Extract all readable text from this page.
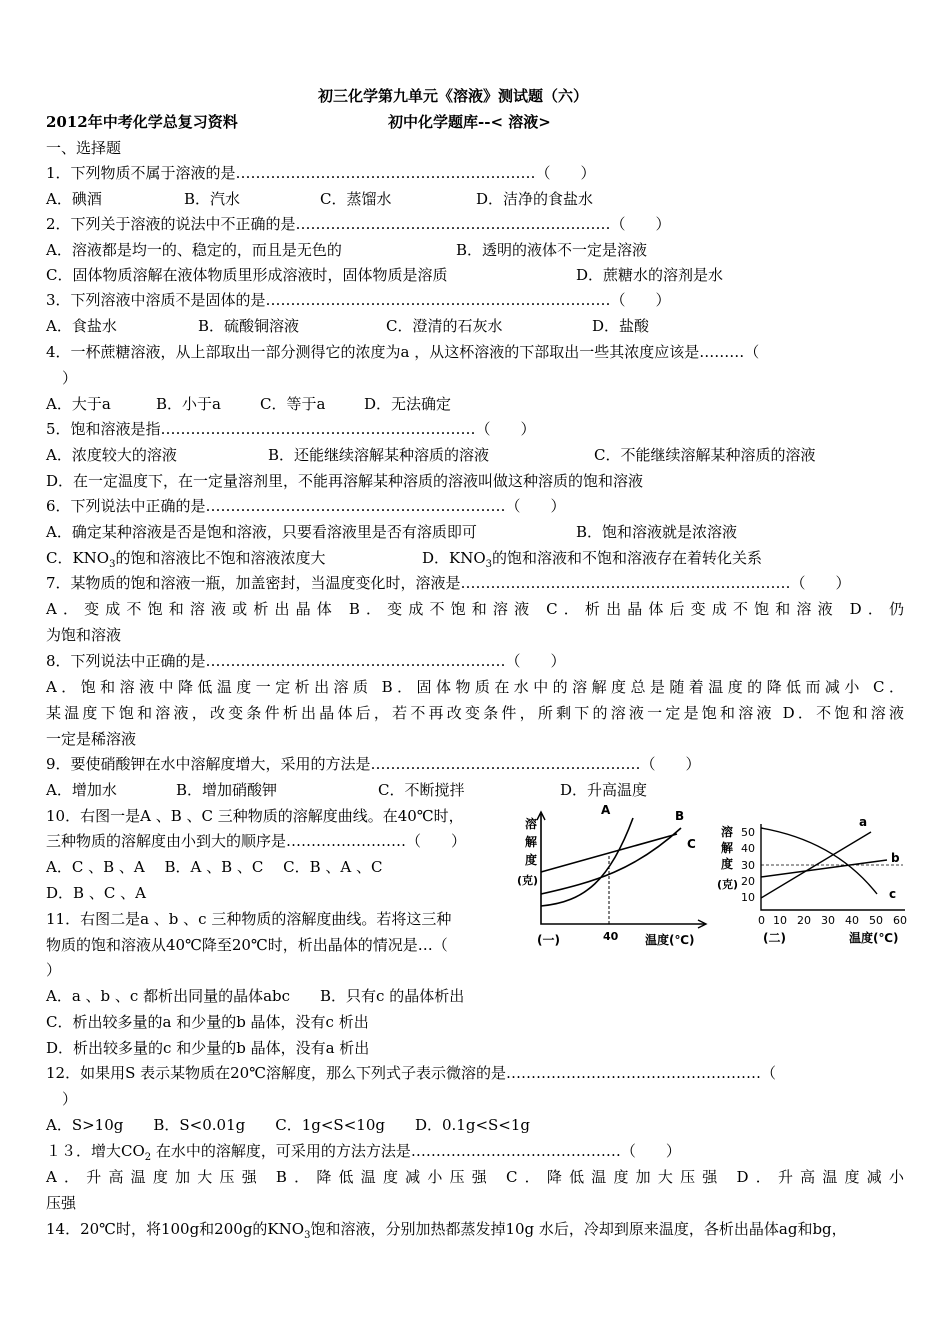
初三化学第九单元《溶液》测试题（六）
2012年中考化学总复习资料	初中化学题库--< 溶液>
一、选择题
1．下列物质不属于溶液的是……………………………………………………（　　）
A．碘酒	B．汽水	C．蒸馏水	D．洁净的食盐水
2．下列关于溶液的说法中不正确的是………………………………………………………（　　）
A．溶液都是均一的、稳定的，而且是无色的	B．透明的液体不一定是溶液
C．固体物质溶解在液体物质里形成溶液时，固体物质是溶质	D．蔗糖水的溶剂是水
3．下列溶液中溶质不是固体的是……………………………………………………………（　　）
A．食盐水	B．硫酸铜溶液	C．澄清的石灰水	D．盐酸
4．一杯蔗糖溶液，从上部取出一部分测得它的浓度为a ，从这杯溶液的下部取出一些其浓度应该是………（
）
A．大于a	B．小于a	C．等于a	D．无法确定
5．饱和溶液是指………………………………………………………（　　）
A．浓度较大的溶液	B．还能继续溶解某种溶质的溶液	C．不能继续溶解某种溶质的溶液
D．在一定温度下，在一定量溶剂里，不能再溶解某种溶质的溶液叫做这种溶质的饱和溶液
6．下列说法中正确的是……………………………………………………（　　）
A．确定某种溶液是否是饱和溶液，只要看溶液里是否有溶质即可	B．饱和溶液就是浓溶液
C．$KNO_3$的饱和溶液比不饱和溶液浓度大	D．$KNO_3$的饱和溶液和不饱和溶液存在着转化关系
7．某物质的饱和溶液一瓶，加盖密封，当温度变化时，溶液是…………………………………………………………（　　）
A．变成不饱和溶液或析出晶体 B．变成不饱和溶液 C．析出晶体后变成不饱和溶液 D．仍
为饱和溶液
8．下列说法中正确的是……………………………………………………（　　）
A．饱和溶液中降低温度一定析出溶质 B．固体物质在水中的溶解度总是随着温度的降低而减小 C．
某温度下饱和溶液，改变条件析出晶体后，若不再改变条件，所剩下的溶液一定是饱和溶液 D．不饱和溶液
一定是稀溶液
9．要使硝酸钾在水中溶解度增大，采用的方法是………………………………………………（　　）
A．增加水	B．增加硝酸钾	C．不断搅拌	D．升高温度
10．右图一是A 、B 、C 三种物质的溶解度曲线。在40℃时，
三种物质的溶解度由小到大的顺序是……………………（　　）
A．C 、B 、A　 B．A 、B 、C　 C．B 、A 、C
D．B 、C 、A
11．右图二是a 、b 、c 三种物质的溶解度曲线。若将这三种
物质的饱和溶液从40℃降至20℃时，析出晶体的情况是…（
）
A．a 、b 、c 都析出同量的晶体abc　　B．只有c 的晶体析出
C．析出较多量的a 和少量的b 晶体，没有c 析出
D．析出较多量的c 和少量的b 晶体，没有a 析出
12．如果用S 表示某物质在20℃溶解度，那么下列式子表示微溶的是……………………………………………（
）
A．S>10g　　B．S<0.01g　　C．1g<S<10g　　D．0.1g<S<1g
１３．增大$CO_2$ 在水中的溶解度，可采用的方法方法是……………………………………（　　）
A．升高温度加大压强 B．降低温度减小压强 C．降低温度加大压强 D．升高温度减小
压强
14．20℃时，将100g和200g的$KNO_3$饱和溶液，分别加热都蒸发掉10g 水后，冷却到原来温度，各析出晶体ag和bg，
溶
解
度
(克)
A	B
C
40
(一)	温度(℃)
溶
解
度
(克)
50
40
30
20
10
a
b
c
0 10 20 30 40 50 60
(二)	温度(℃)
